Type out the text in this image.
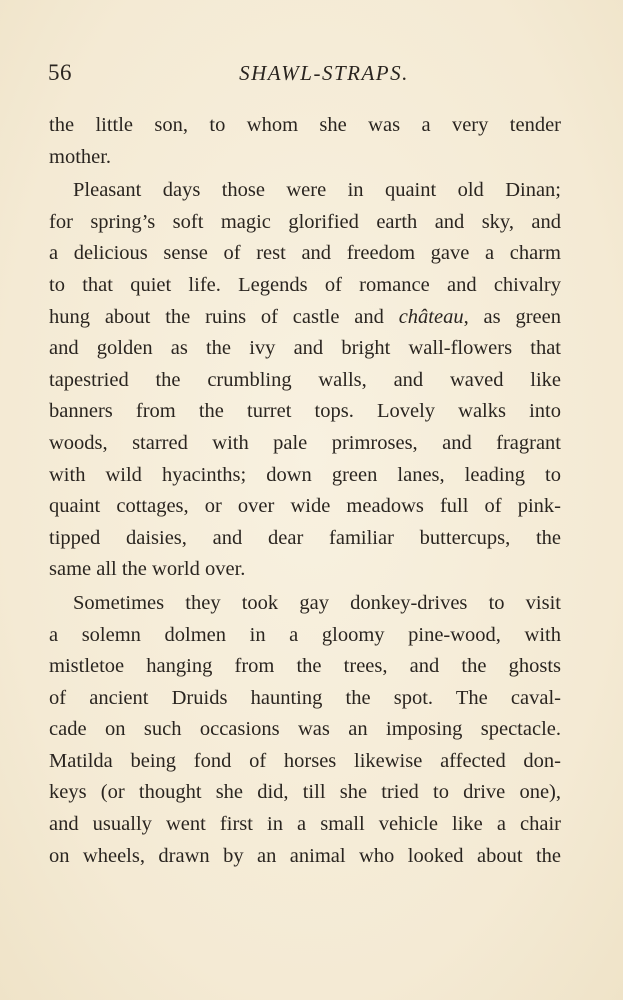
56	SHAWL-STRAPS.
the little son, to whom she was a very tender
mother.
Pleasant days those were in quaint old Dinan;
for spring’s soft magic glorified earth and sky, and
a delicious sense of rest and freedom gave a charm
to that quiet life. Legends of romance and chivalry
hung about the ruins of castle and château, as green
and golden as the ivy and bright wall-flowers that
tapestried the crumbling walls, and waved like
banners from the turret tops. Lovely walks into
woods, starred with pale primroses, and fragrant
with wild hyacinths; down green lanes, leading to
quaint cottages, or over wide meadows full of pink-
tipped daisies, and dear familiar buttercups, the
same all the world over.
Sometimes they took gay donkey-drives to visit
a solemn dolmen in a gloomy pine-wood, with
mistletoe hanging from the trees, and the ghosts
of ancient Druids haunting the spot. The caval-
cade on such occasions was an imposing spectacle.
Matilda being fond of horses likewise affected don-
keys (or thought she did, till she tried to drive one),
and usually went first in a small vehicle like a chair
on wheels, drawn by an animal who looked about the
